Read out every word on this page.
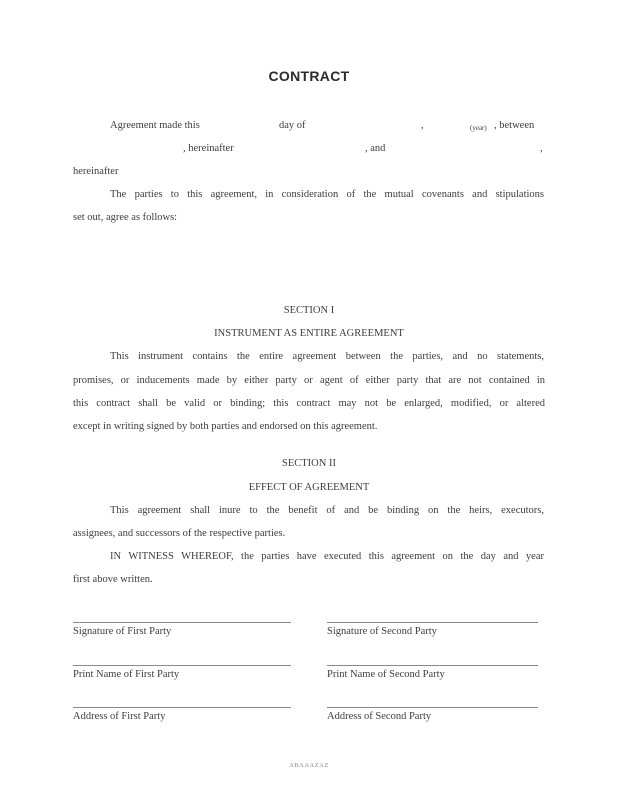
CONTRACT
Agreement made this	day of	,	(year) , between
, hereinafter	, and	,
hereinafter
The parties to this agreement, in consideration of the mutual covenants and stipulations
set out, agree as follows:
SECTION I
INSTRUMENT AS ENTIRE AGREEMENT
This instrument contains the entire agreement between the parties, and no statements,
promises, or inducements made by either party or agent of either party that are not contained in
this contract shall be valid or binding; this contract may not be enlarged, modified, or altered
except in writing signed by both parties and endorsed on this agreement.
SECTION II
EFFECT OF AGREEMENT
This agreement shall inure to the benefit of and be binding on the heirs, executors,
assignees, and successors of the respective parties.
IN WITNESS WHEREOF, the parties have executed this agreement on the day and year
first above written.
Signature of First Party	Signature of Second Party
Print Name of First Party	Print Name of Second Party
Address of First Party	Address of Second Party
ABAAAZAZ
